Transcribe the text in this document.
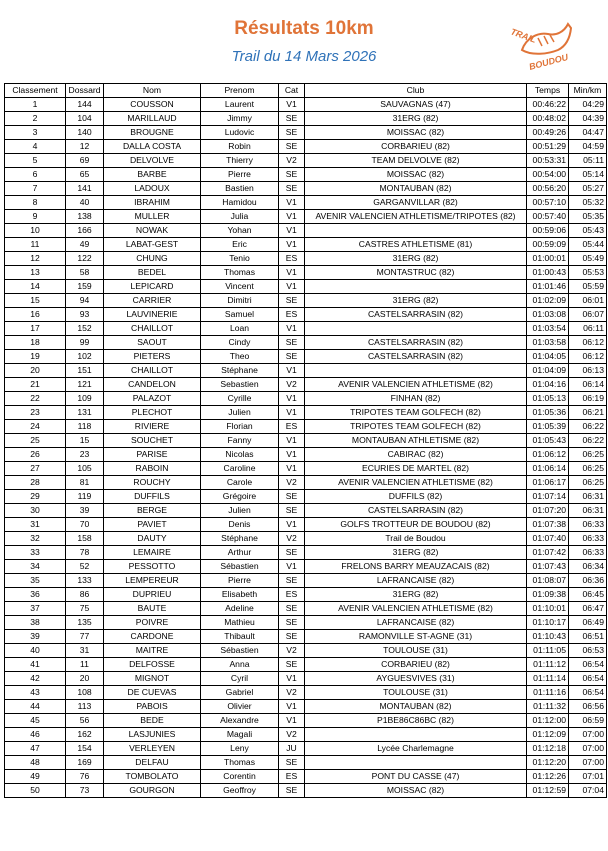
Résultats 10km
Trail du 14 Mars 2026
TRAIL
BOUDOU
Classement	Dossard	Nom	Prenom	Cat	Club	Temps	Min/km
1	144	COUSSON	Laurent	V1	SAUVAGNAS (47)	00:46:22	04:29
2	104	MARILLAUD	Jimmy	SE	31ERG (82)	00:48:02	04:39
3	140	BROUGNE	Ludovic	SE	MOISSAC (82)	00:49:26	04:47
4	12	DALLA COSTA	Robin	SE	CORBARIEU (82)	00:51:29	04:59
5	69	DELVOLVE	Thierry	V2	TEAM DELVOLVE (82)	00:53:31	05:11
6	65	BARBE	Pierre	SE	MOISSAC (82)	00:54:00	05:14
7	141	LADOUX	Bastien	SE	MONTAUBAN (82)	00:56:20	05:27
8	40	IBRAHIM	Hamidou	V1	GARGANVILLAR (82)	00:57:10	05:32
9	138	MULLER	Julia	V1	AVENIR VALENCIEN ATHLETISME/TRIPOTES (82)	00:57:40	05:35
10	166	NOWAK	Yohan	V1		00:59:06	05:43
11	49	LABAT-GEST	Eric	V1	CASTRES ATHLETISME (81)	00:59:09	05:44
12	122	CHUNG	Tenio	ES	31ERG (82)	01:00:01	05:49
13	58	BEDEL	Thomas	V1	MONTASTRUC (82)	01:00:43	05:53
14	159	LEPICARD	Vincent	V1		01:01:46	05:59
15	94	CARRIER	Dimitri	SE	31ERG (82)	01:02:09	06:01
16	93	LAUVINERIE	Samuel	ES	CASTELSARRASIN (82)	01:03:08	06:07
17	152	CHAILLOT	Loan	V1		01:03:54	06:11
18	99	SAOUT	Cindy	SE	CASTELSARRASIN (82)	01:03:58	06:12
19	102	PIETERS	Theo	SE	CASTELSARRASIN (82)	01:04:05	06:12
20	151	CHAILLOT	Stéphane	V1		01:04:09	06:13
21	121	CANDELON	Sebastien	V2	AVENIR VALENCIEN ATHLETISME (82)	01:04:16	06:14
22	109	PALAZOT	Cyrille	V1	FINHAN (82)	01:05:13	06:19
23	131	PLECHOT	Julien	V1	TRIPOTES TEAM GOLFECH (82)	01:05:36	06:21
24	118	RIVIERE	Florian	ES	TRIPOTES TEAM GOLFECH (82)	01:05:39	06:22
25	15	SOUCHET	Fanny	V1	MONTAUBAN ATHLETISME (82)	01:05:43	06:22
26	23	PARISE	Nicolas	V1	CABIRAC (82)	01:06:12	06:25
27	105	RABOIN	Caroline	V1	ECURIES DE MARTEL (82)	01:06:14	06:25
28	81	ROUCHY	Carole	V2	AVENIR VALENCIEN ATHLETISME (82)	01:06:17	06:25
29	119	DUFFILS	Grégoire	SE	DUFFILS (82)	01:07:14	06:31
30	39	BERGE	Julien	SE	CASTELSARRASIN (82)	01:07:20	06:31
31	70	PAVIET	Denis	V1	GOLFS TROTTEUR DE BOUDOU (82)	01:07:38	06:33
32	158	DAUTY	Stéphane	V2	Trail de Boudou	01:07:40	06:33
33	78	LEMAIRE	Arthur	SE	31ERG (82)	01:07:42	06:33
34	52	PESSOTTO	Sébastien	V1	FRELONS BARRY MEAUZACAIS (82)	01:07:43	06:34
35	133	LEMPEREUR	Pierre	SE	LAFRANCAISE (82)	01:08:07	06:36
36	86	DUPRIEU	Elisabeth	ES	31ERG (82)	01:09:38	06:45
37	75	BAUTE	Adeline	SE	AVENIR VALENCIEN ATHLETISME (82)	01:10:01	06:47
38	135	POIVRE	Mathieu	SE	LAFRANCAISE (82)	01:10:17	06:49
39	77	CARDONE	Thibault	SE	RAMONVILLE ST-AGNE (31)	01:10:43	06:51
40	31	MAITRE	Sébastien	V2	TOULOUSE (31)	01:11:05	06:53
41	11	DELFOSSE	Anna	SE	CORBARIEU (82)	01:11:12	06:54
42	20	MIGNOT	Cyril	V1	AYGUESVIVES (31)	01:11:14	06:54
43	108	DE CUEVAS	Gabriel	V2	TOULOUSE (31)	01:11:16	06:54
44	113	PABOIS	Olivier	V1	MONTAUBAN (82)	01:11:32	06:56
45	56	BEDE	Alexandre	V1	P1BE86C86BC (82)	01:12:00	06:59
46	162	LASJUNIES	Magali	V2		01:12:09	07:00
47	154	VERLEYEN	Leny	JU	Lycée Charlemagne	01:12:18	07:00
48	169	DELFAU	Thomas	SE		01:12:20	07:00
49	76	TOMBOLATO	Corentin	ES	PONT DU CASSE (47)	01:12:26	07:01
50	73	GOURGON	Geoffroy	SE	MOISSAC (82)	01:12:59	07:04
